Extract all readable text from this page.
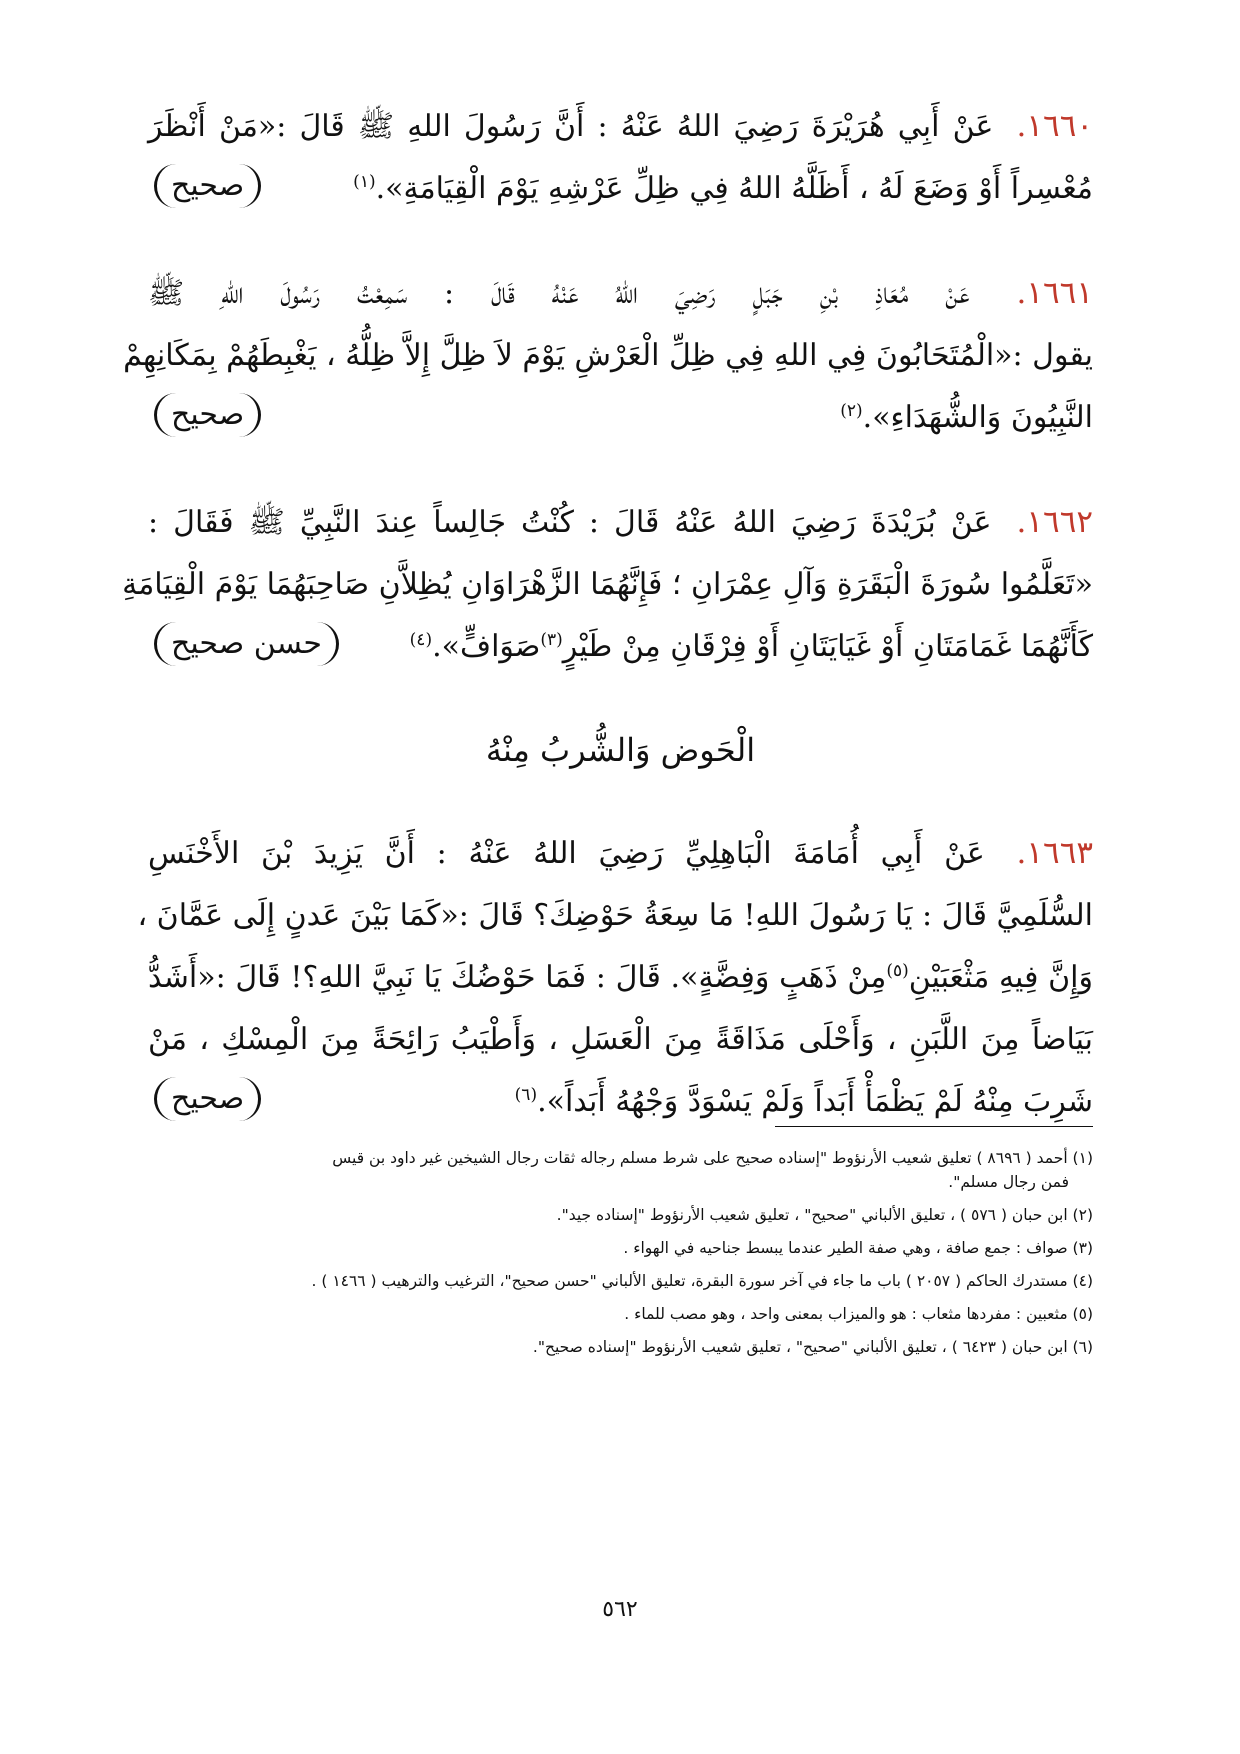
١٦٦٠. عَنْ أَبِي هُرَيْرَةَ رَضِيَ اللهُ عَنْهُ : أَنَّ رَسُولَ اللهِ ﷺ قَالَ :«مَنْ أَنْظَرَ
مُعْسِراً أَوْ وَضَعَ لَهُ ، أَظَلَّهُ اللهُ فِي ظِلِّ عَرْشِهِ يَوْمَ الْقِيَامَةِ».$^{(١)}$
صحيح
١٦٦١. عَنْ مُعَاذِ بْنِ جَبَلٍ رَضِيَ اللهُ عَنْهُ قَالَ : سَمِعْتُ رَسُولَ اللهِ ﷺ
يقول :«الْمُتَحَابُونَ فِي اللهِ فِي ظِلِّ الْعَرْشِ يَوْمَ لاَ ظِلَّ إِلاَّ ظِلُّهُ ، يَغْبِطَهُمْ بِمَكَانِهِمْ
النَّبِيُونَ وَالشُّهَدَاءِ».$^{(٢)}$
صحيح
١٦٦٢. عَنْ بُرَيْدَةَ رَضِيَ اللهُ عَنْهُ قَالَ : كُنْتُ جَالِساً عِندَ النَّبِيِّ ﷺ فَقَالَ :
«تَعَلَّمُوا سُورَةَ الْبَقَرَةِ وَآلِ عِمْرَانِ ؛ فَإِنَّهُمَا الزَّهْرَاوَانِ يُظِلاَّنِ صَاحِبَهُمَا يَوْمَ الْقِيَامَةِ
كَأَنَّهُمَا غَمَامَتَانِ أَوْ غَيَايَتَانِ أَوْ فِرْقَانِ مِنْ طَيْرٍ$^{(٣)}$صَوَافٍّ».$^{(٤)}$
حسن صحيح
الْحَوض وَالشُّربُ مِنْهُ
١٦٦٣. عَنْ أَبِي أُمَامَةَ الْبَاهِلِيِّ رَضِيَ اللهُ عَنْهُ : أَنَّ يَزِيدَ بْنَ الأَخْنَسِ
السُّلَمِيَّ قَالَ : يَا رَسُولَ اللهِ! مَا سِعَةُ حَوْضِكَ؟ قَالَ :«كَمَا بَيْنَ عَدنٍ إِلَى عَمَّانَ ،
وَإِنَّ فِيهِ مَثْعَبَيْنِ$^{(٥)}$مِنْ ذَهَبٍ وَفِضَّةٍ». قَالَ : فَمَا حَوْضُكَ يَا نَبِيَّ اللهِ؟! قَالَ :«أَشَدُّ
بَيَاضاً مِنَ اللَّبَنِ ، وَأَحْلَى مَذَاقَةً مِنَ الْعَسَلِ ، وَأَطْيَبُ رَائِحَةً مِنَ الْمِسْكِ ، مَنْ
شَرِبَ مِنْهُ لَمْ يَظْمَأْ أَبَداً وَلَمْ يَسْوَدَّ وَجْهُهُ أَبَداً».$^{(٦)}$
صحيح
(١) أحمد ( ٨٦٩٦ ) تعليق شعيب الأرنؤوط "إسناده صحيح على شرط مسلم رجاله ثقات رجال الشيخين غير داود بن قيس
فمن رجال مسلم".
(٢) ابن حبان ( ٥٧٦ ) ، تعليق الألباني "صحيح" ، تعليق شعيب الأرنؤوط "إسناده جيد".
(٣) صواف : جمع صافة ، وهي صفة الطير عندما يبسط جناحيه في الهواء .
(٤) مستدرك الحاكم ( ٢٠٥٧ ) باب ما جاء في آخر سورة البقرة، تعليق الألباني "حسن صحيح"، الترغيب والترهيب ( ١٤٦٦ ) .
(٥) مثعبين : مفردها مثعاب : هو والميزاب بمعنى واحد ، وهو مصب للماء .
(٦) ابن حبان ( ٦٤٢٣ ) ، تعليق الألباني "صحيح" ، تعليق شعيب الأرنؤوط "إسناده صحيح".
٥٦٢
